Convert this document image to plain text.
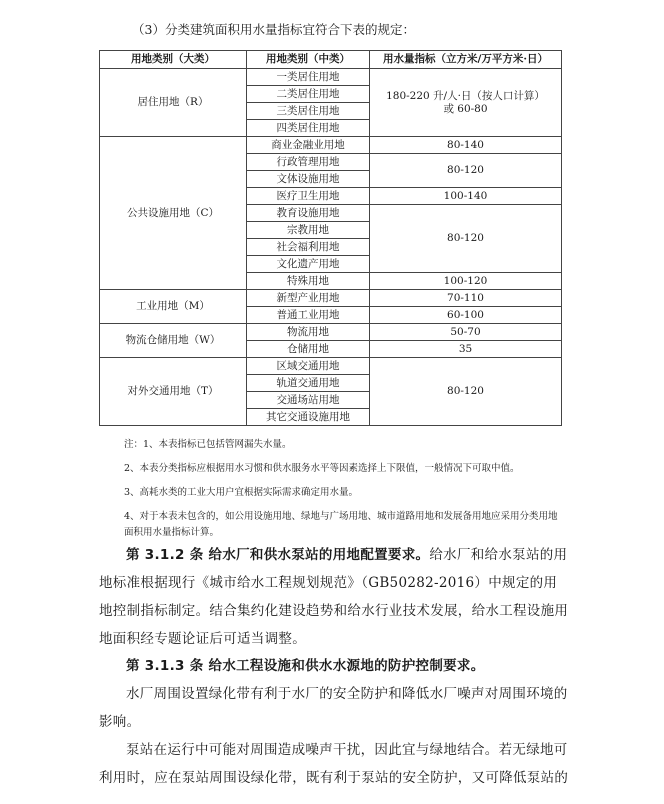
（3）分类建筑面积用水量指标宜符合下表的规定：
用地类别（大类）	用地类别（中类）	用水量指标（立方米/万平方米·日）
居住用地（R）	一类居住用地	180-220 升/人·日（按人口计算）
或 60-80

	二类居住用地	
	三类居住用地	
	四类居住用地	
公共设施用地（C）	商业金融业用地	80-140
	行政管理用地	80-120
	文体设施用地	
	医疗卫生用地	100-140
	教育设施用地	80-120
	宗教用地	
	社会福利用地	
	文化遗产用地	
	特殊用地	100-120
工业用地（M）	新型产业用地	70-110
	普通工业用地	60-100
物流仓储用地（W）	物流用地	50-70
	仓储用地	35
对外交通用地（T）	区域交通用地	80-120
	轨道交通用地	
	交通场站用地	
	其它交通设施用地	

注：1、本表指标已包括管网漏失水量。

2、本表分类指标应根据用水习惯和供水服务水平等因素选择上下限值，一般情况下可取中值。

3、高耗水类的工业大用户宜根据实际需求确定用水量。

4、对于本表未包含的，如公用设施用地、绿地与广场用地、城市道路用地和发展备用地应采用分类用地面积用水量指标计算。

第 3.1.2 条 给水厂和供水泵站的用地配置要求。给水厂和给水泵站的用地标准根据现行《城市给水工程规划规范》（GB50282-2016）中规定的用地控制指标制定。结合集约化建设趋势和给水行业技术发展，给水工程设施用地面积经专题论证后可适当调整。

第 3.1.3 条 给水工程设施和供水水源地的防护控制要求。

水厂周围设置绿化带有利于水厂的安全防护和降低水厂噪声对周围环境的影响。

泵站在运行中可能对周围造成噪声干扰，因此宜与绿地结合。若无绿地可利用时，应在泵站周围设绿化带，既有利于泵站的安全防护，又可降低泵站的
